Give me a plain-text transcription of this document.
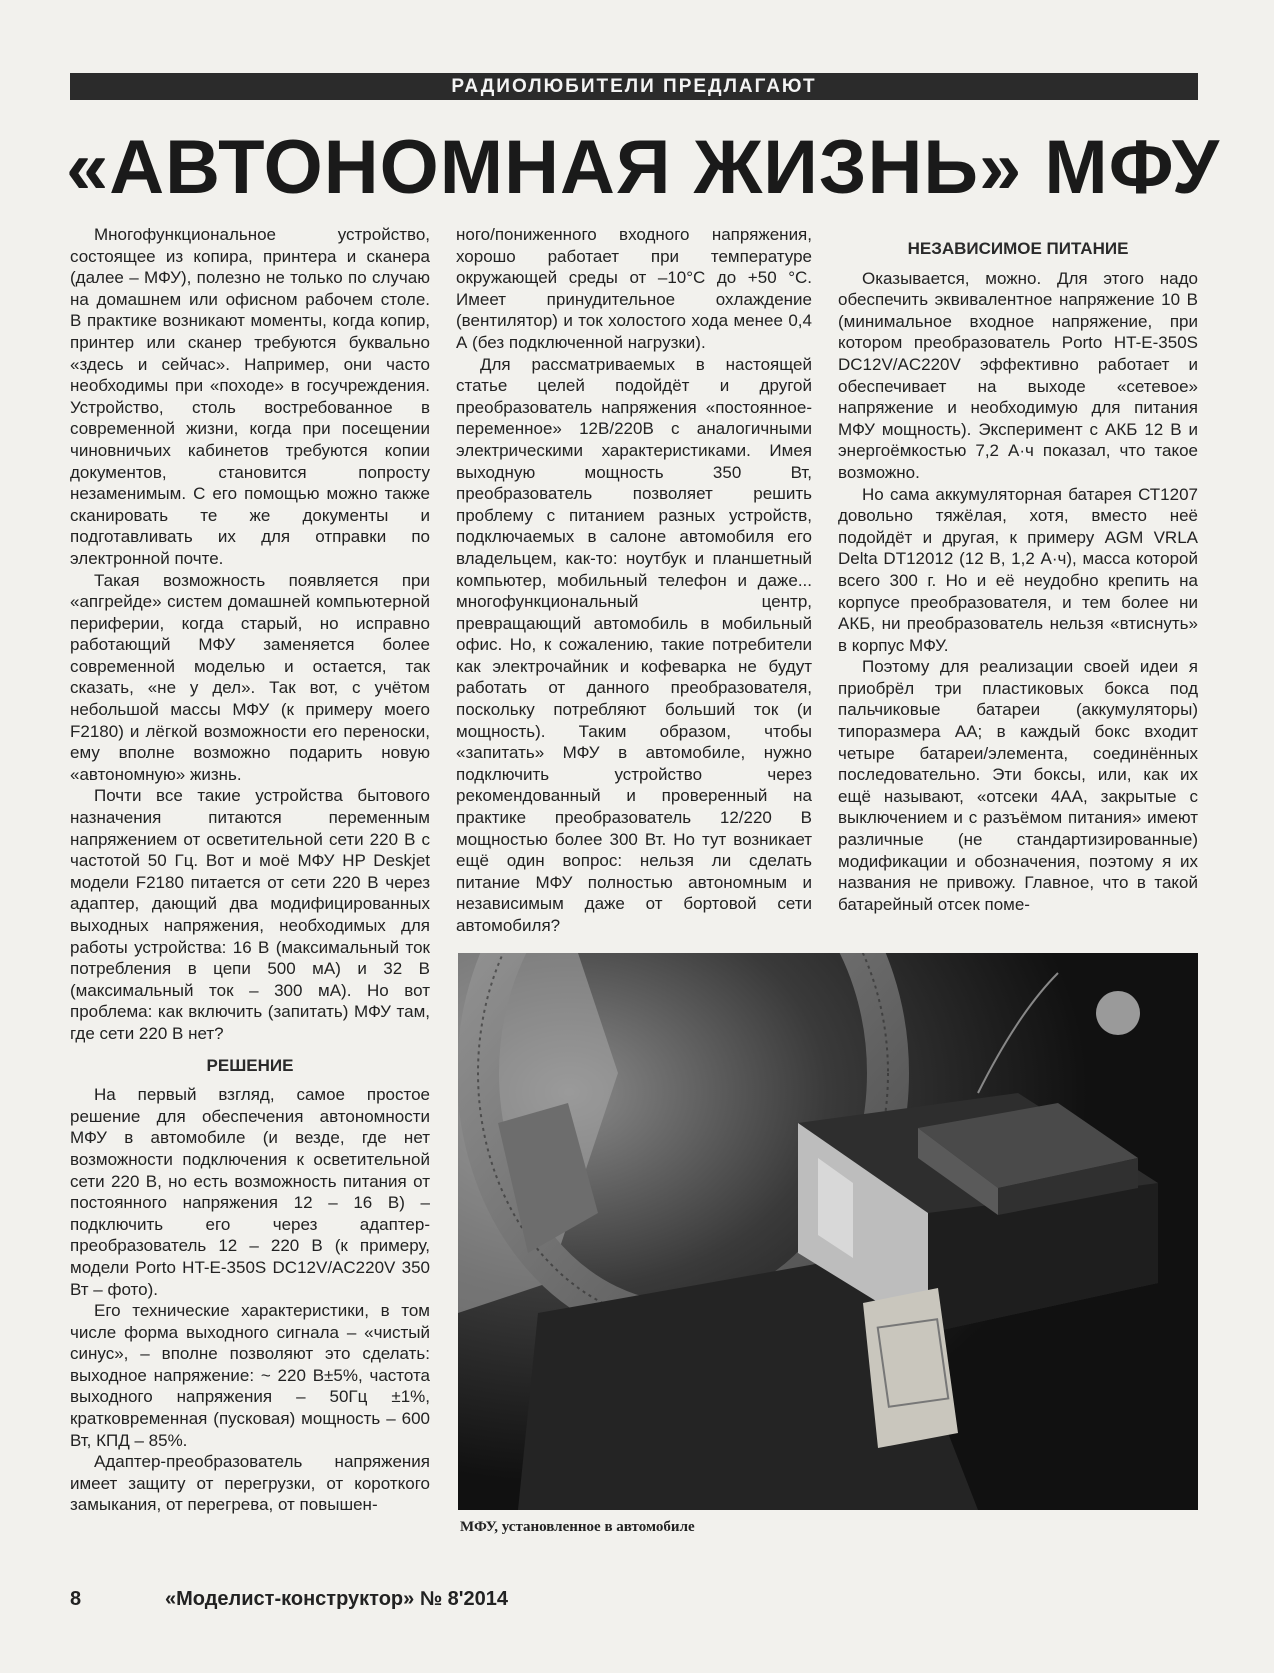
РАДИОЛЮБИТЕЛИ ПРЕДЛАГАЮТ
«АВТОНОМНАЯ ЖИЗНЬ» МФУ

Многофункциональное устройство, состоящее из копира, принтера и сканера (далее – МФУ), полезно не только по случаю на домашнем или офисном рабочем столе. В практике возникают моменты, когда копир, принтер или сканер требуются буквально «здесь и сейчас». Например, они часто необходимы при «походе» в госучреждения. Устройство, столь востребованное в современной жизни, когда при посещении чиновничьих кабинетов требуются копии документов, становится попросту незаменимым. С его помощью можно также сканировать те же документы и подготавливать их для отправки по электронной почте.

Такая возможность появляется при «апгрейде» систем домашней компьютерной периферии, когда старый, но исправно работающий МФУ заменяется более современной моделью и остается, так сказать, «не у дел». Так вот, с учётом небольшой массы МФУ (к примеру моего F2180) и лёгкой возможности его переноски, ему вполне возможно подарить новую «автономную» жизнь.

Почти все такие устройства бытового назначения питаются переменным напряжением от осветительной сети 220 В с частотой 50 Гц. Вот и моё МФУ HP Deskjet модели F2180 питается от сети 220 В через адаптер, дающий два модифицированных выходных напряжения, необходимых для работы устройства: 16 В (максимальный ток потребления в цепи 500 мА) и 32 В (максимальный ток – 300 мА). Но вот проблема: как включить (запитать) МФУ там, где сети 220 В нет?

РЕШЕНИЕ

На первый взгляд, самое простое решение для обеспечения автономности МФУ в автомобиле (и везде, где нет возможности подключения к осветительной сети 220 В, но есть возможность питания от постоянного напряжения 12 – 16 В) – подключить его через адаптер-преобразователь 12 – 220 В (к примеру, модели Porto HT-E-350S DC12V/AC220V 350 Вт – фото).

Его технические характеристики, в том числе форма выходного сигнала – «чистый синус», – вполне позволяют это сделать: выходное напряжение: ~ 220 В±5%, частота выходного напряжения – 50Гц ±1%, кратковременная (пусковая) мощность – 600 Вт, КПД – 85%.

Адаптер-преобразователь напряжения имеет защиту от перегрузки, от короткого замыкания, от перегрева, от повышен-

ного/пониженного входного напряжения, хорошо работает при температуре окружающей среды от –10°С до +50 °С. Имеет принудительное охлаждение (вентилятор) и ток холостого хода менее 0,4 А (без подключенной нагрузки).

Для рассматриваемых в настоящей статье целей подойдёт и другой преобразователь напряжения «постоянное-переменное» 12В/220В с аналогичными электрическими характеристиками. Имея выходную мощность 350 Вт, преобразователь позволяет решить проблему с питанием разных устройств, подключаемых в салоне автомобиля его владельцем, как-то: ноутбук и планшетный компьютер, мобильный телефон и даже... многофункциональный центр, превращающий автомобиль в мобильный офис. Но, к сожалению, такие потребители как электрочайник и кофеварка не будут работать от данного преобразователя, поскольку потребляют больший ток (и мощность). Таким образом, чтобы «запитать» МФУ в автомобиле, нужно подключить устройство через рекомендованный и проверенный на практике преобразователь 12/220 В мощностью более 300 Вт. Но тут возникает ещё один вопрос: нельзя ли сделать питание МФУ полностью автономным и независимым даже от бортовой сети автомобиля?

НЕЗАВИСИМОЕ ПИТАНИЕ

Оказывается, можно. Для этого надо обеспечить эквивалентное напряжение 10 В (минимальное входное напряжение, при котором преобразователь Porto HT-E-350S DC12V/AC220V эффективно работает и обеспечивает на выходе «сетевое» напряжение и необходимую для питания МФУ мощность). Эксперимент с АКБ 12 В и энергоёмкостью 7,2 А·ч показал, что такое возможно.

Но сама аккумуляторная батарея СТ1207 довольно тяжёлая, хотя, вместо неё подойдёт и другая, к примеру AGM VRLA Delta DT12012 (12 В, 1,2 А·ч), масса которой всего 300 г. Но и её неудобно крепить на корпусе преобразователя, и тем более ни АКБ, ни преобразователь нельзя «втиснуть» в корпус МФУ.

Поэтому для реализации своей идеи я приобрёл три пластиковых бокса под пальчиковые батареи (аккумуляторы) типоразмера АА; в каждый бокс входит четыре батареи/элемента, соединённых последовательно. Эти боксы, или, как их ещё называют, «отсеки 4АА, закрытые с выключением и с разъёмом питания» имеют различные (не стандартизированные) модификации и обозначения, поэтому я их названия не привожу. Главное, что в такой батарейный отсек поме-

МФУ, установленное в автомобиле
8	«Моделист-конструктор» № 8'2014
